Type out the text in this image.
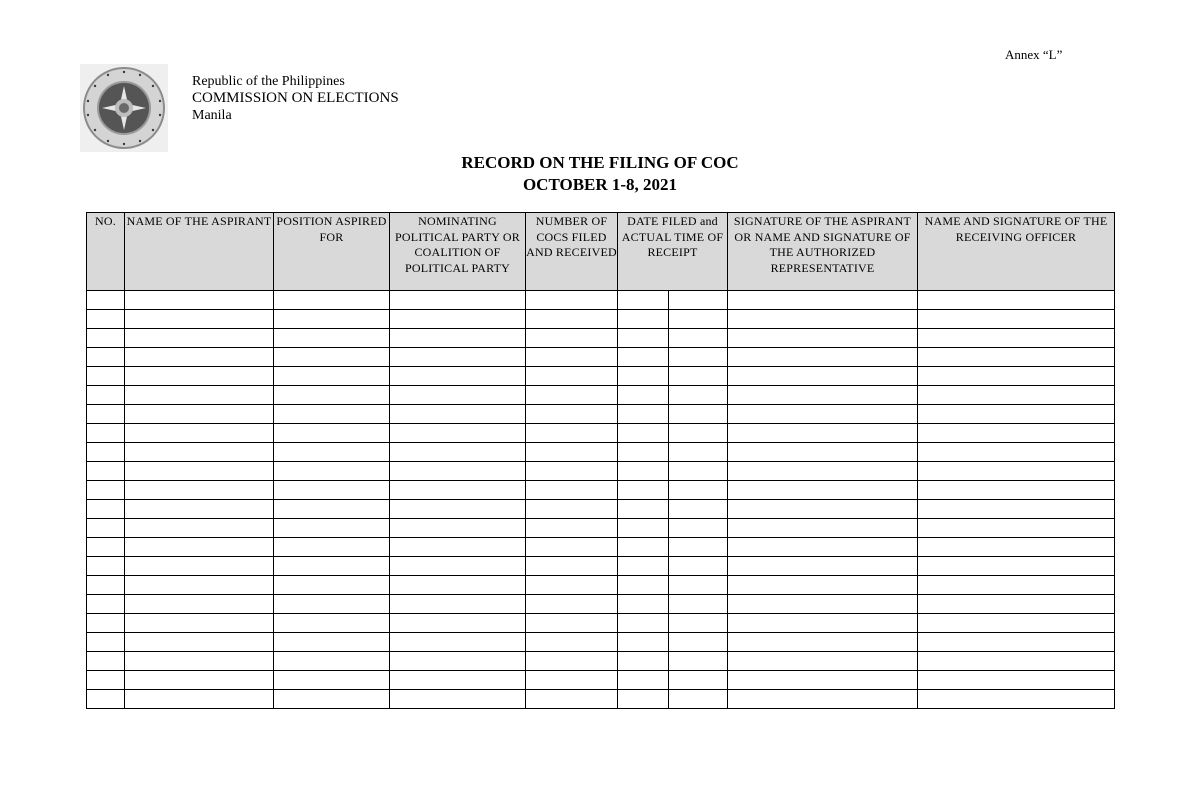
Annex “L”
Republic of the Philippines
COMMISSION ON ELECTIONS
Manila
RECORD ON THE FILING OF COC
OCTOBER 1-8, 2021
NO.	NAME OF THE ASPIRANT	POSITION ASPIRED FOR	NOMINATING POLITICAL PARTY OR COALITION OF POLITICAL PARTY	NUMBER OF COCS FILED AND RECEIVED	DATE FILED and ACTUAL TIME OF RECEIPT		SIGNATURE OF THE ASPIRANT OR NAME AND SIGNATURE OF THE AUTHORIZED REPRESENTATIVE	NAME AND SIGNATURE OF THE RECEIVING OFFICER
